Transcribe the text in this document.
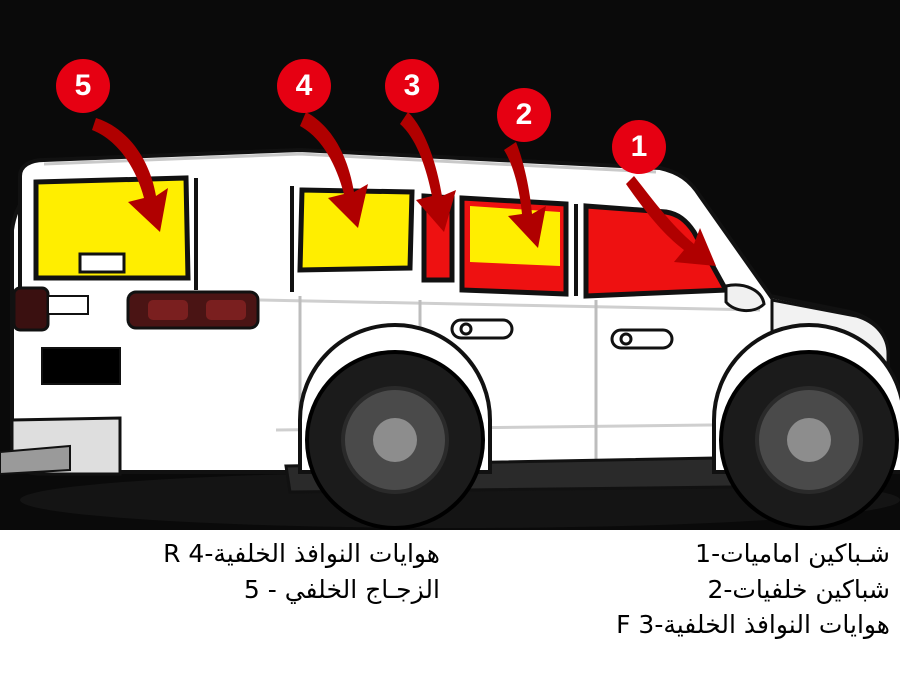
1
2
3
4
5
شـباكين اماميات-1
شباكين خلفيات-2
هوايات النوافذ الخلفية-3 F
هوايات النوافذ الخلفية-4 R
الزجـاج الخلفي - 5
